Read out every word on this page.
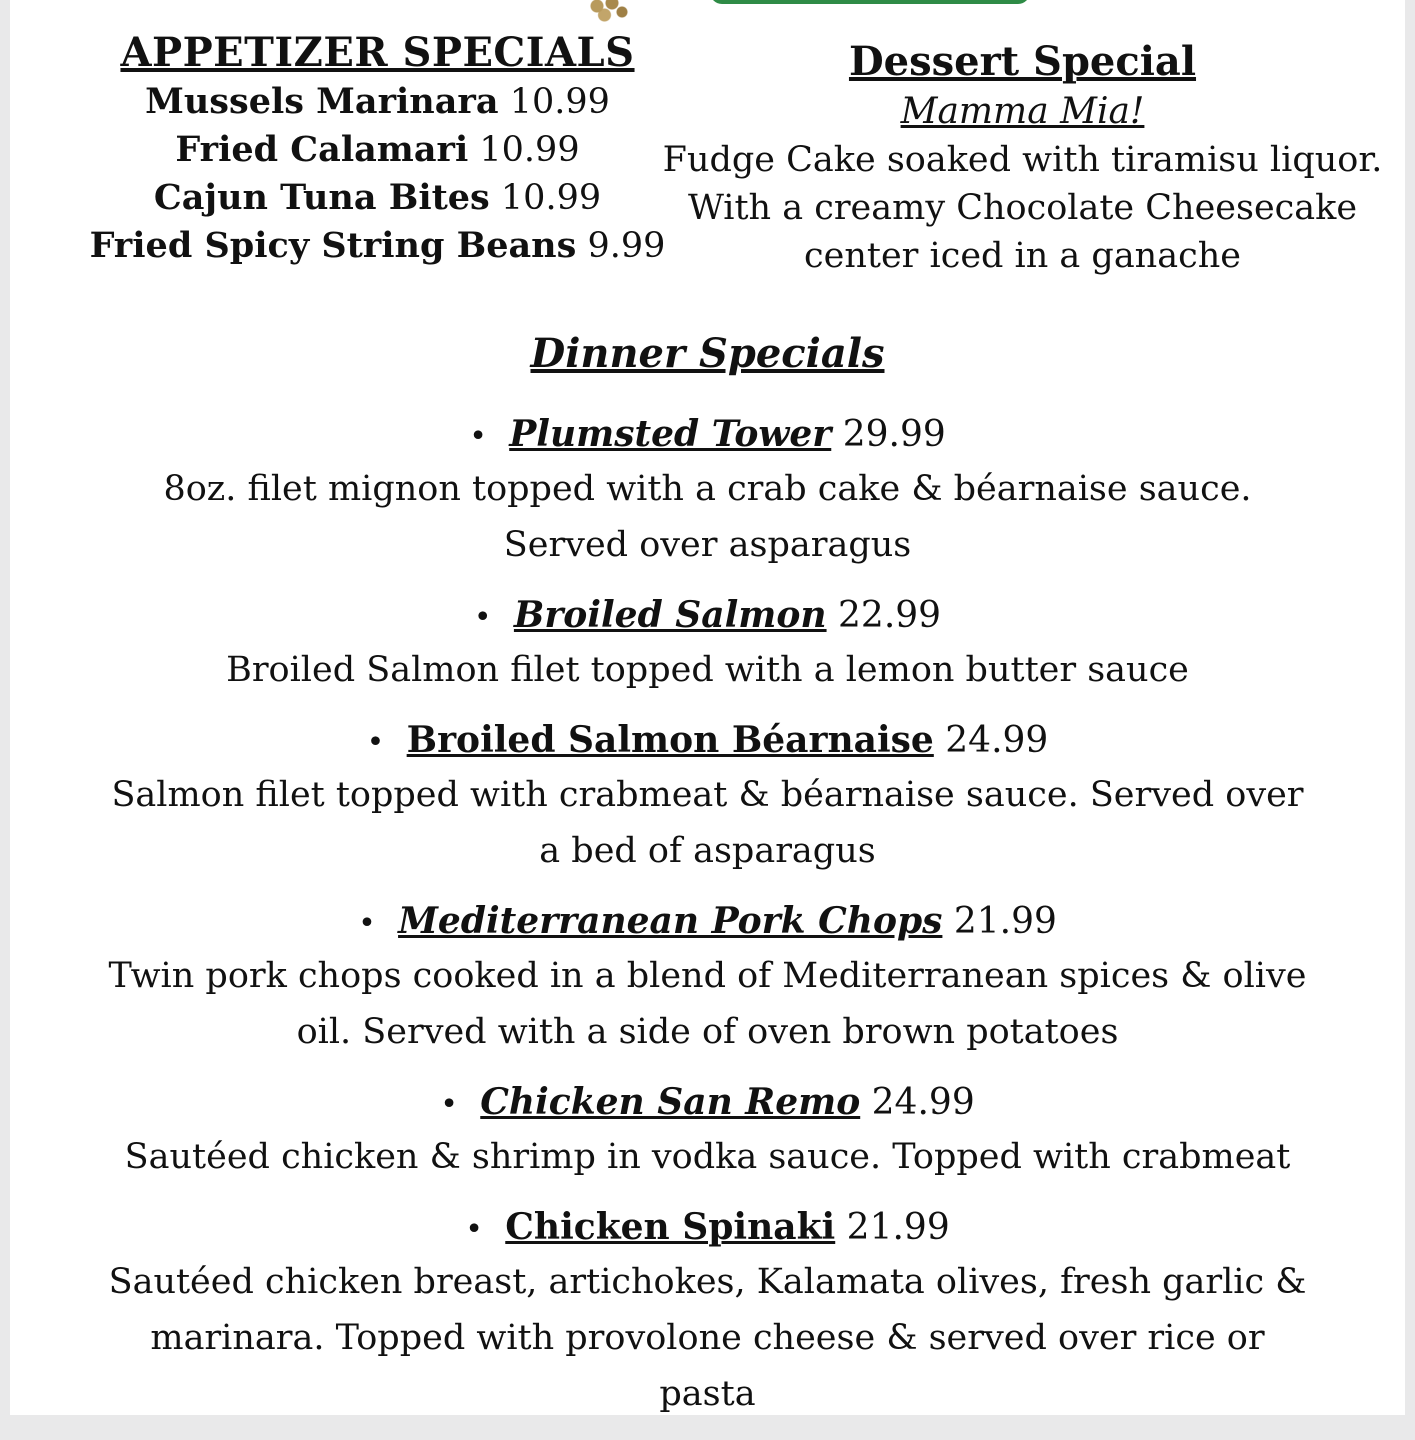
APPETIZER SPECIALS
Mussels Marinara 10.99
Fried Calamari 10.99
Cajun Tuna Bites 10.99
Fried Spicy String Beans 9.99
Dessert Special
Mamma Mia!
Fudge Cake soaked with tiramisu liquor.
With a creamy Chocolate Cheesecake
center iced in a ganache
Dinner Specials
• Plumsted Tower 29.99
8oz. filet mignon topped with a crab cake & béarnaise sauce. Served over asparagus
• Broiled Salmon 22.99
Broiled Salmon filet topped with a lemon butter sauce
• Broiled Salmon Béarnaise 24.99
Salmon filet topped with crabmeat & béarnaise sauce. Served over a bed of asparagus
• Mediterranean Pork Chops 21.99
Twin pork chops cooked in a blend of Mediterranean spices & olive oil. Served with a side of oven brown potatoes
• Chicken San Remo 24.99
Sautéed chicken & shrimp in vodka sauce. Topped with crabmeat
• Chicken Spinaki 21.99
Sautéed chicken breast, artichokes, Kalamata olives, fresh garlic & marinara. Topped with provolone cheese & served over rice or pasta
